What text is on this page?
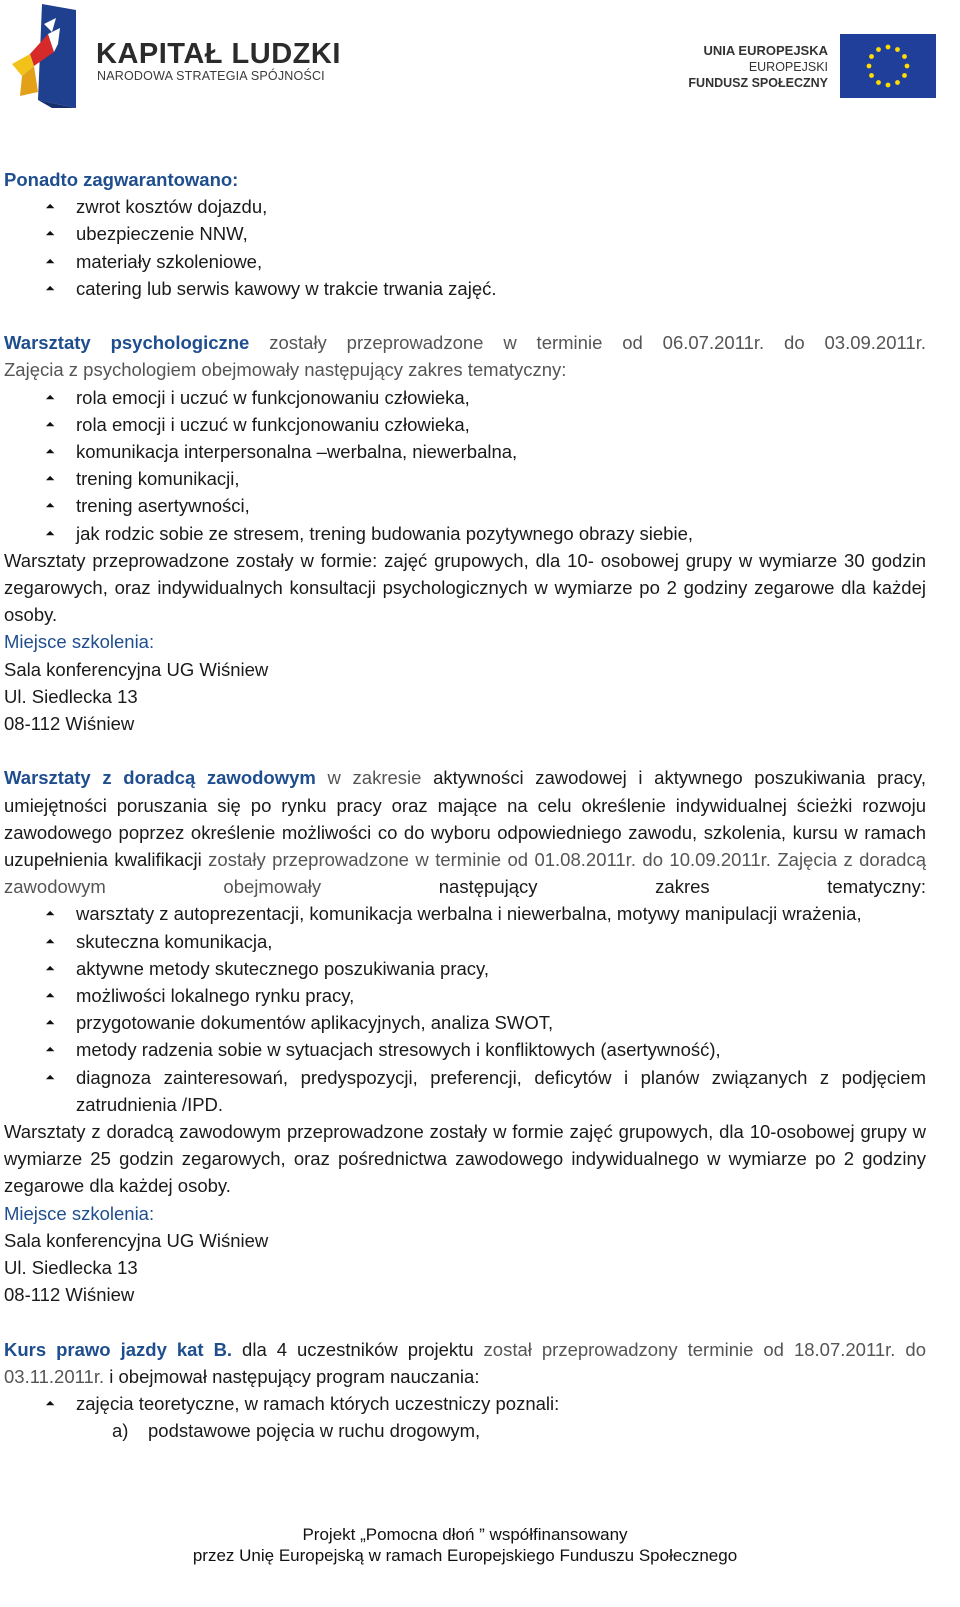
KAPITAŁ LUDZKI
NARODOWA STRATEGIA SPÓJNOŚCI
UNIA EUROPEJSKA
EUROPEJSKI
FUNDUSZ SPOŁECZNY
Ponadto zagwarantowano:
⏶ zwrot kosztów dojazdu,
⏶ ubezpieczenie NNW,
⏶ materiały szkoleniowe,
⏶ catering lub serwis kawowy w trakcie trwania zajęć.

Warsztaty psychologiczne zostały przeprowadzone w terminie od 06.07.2011r. do 03.09.2011r.

Zajęcia z psychologiem obejmowały następujący zakres tematyczny:
⏶ rola emocji i uczuć w funkcjonowaniu człowieka,
⏶ rola emocji i uczuć w funkcjonowaniu człowieka,
⏶ komunikacja interpersonalna –werbalna, niewerbalna,
⏶ trening komunikacji,
⏶ trening asertywności,
⏶ jak rodzic sobie ze stresem, trening budowania pozytywnego obrazy siebie,

Warsztaty przeprowadzone zostały w formie: zajęć grupowych, dla 10- osobowej grupy w wymiarze 30 godzin zegarowych, oraz indywidualnych konsultacji psychologicznych w wymiarze po 2 godziny zegarowe dla każdej osoby.

Miejsce szkolenia:
Sala konferencyjna UG Wiśniew
Ul. Siedlecka 13
08-112 Wiśniew

Warsztaty z doradcą zawodowym w zakresie aktywności zawodowej i aktywnego poszukiwania pracy, umiejętności poruszania się po rynku pracy oraz mające na celu określenie indywidualnej ścieżki rozwoju zawodowego poprzez określenie możliwości co do wyboru odpowiedniego zawodu, szkolenia, kursu w ramach uzupełnienia kwalifikacji zostały przeprowadzone w terminie od 01.08.2011r. do 10.09.2011r. Zajęcia z doradcą zawodowym obejmowały następujący zakres tematyczny:

⏶ warsztaty z autoprezentacji, komunikacja werbalna i niewerbalna, motywy manipulacji wrażenia,
⏶ skuteczna komunikacja,
⏶ aktywne metody skutecznego poszukiwania pracy,
⏶ możliwości lokalnego rynku pracy,
⏶ przygotowanie dokumentów aplikacyjnych, analiza SWOT,
⏶ metody radzenia sobie w sytuacjach stresowych i konfliktowych (asertywność),
⏶ diagnoza zainteresowań, predyspozycji, preferencji, deficytów i planów związanych z podjęciem zatrudnienia /IPD.

Warsztaty z doradcą zawodowym przeprowadzone zostały w formie zajęć grupowych, dla 10-osobowej grupy w wymiarze 25 godzin zegarowych, oraz pośrednictwa zawodowego indywidualnego w wymiarze po 2 godziny zegarowe dla każdej osoby.

Miejsce szkolenia:
Sala konferencyjna UG Wiśniew
Ul. Siedlecka 13
08-112 Wiśniew

Kurs prawo jazdy kat B. dla 4 uczestników projektu został przeprowadzony terminie od 18.07.2011r. do 03.11.2011r. i obejmował następujący program nauczania:

⏶ zajęcia teoretyczne, w ramach których uczestniczy poznali:
a) podstawowe pojęcia w ruchu drogowym,
Projekt „Pomocna dłoń ” współfinansowany
przez Unię Europejską w ramach Europejskiego Funduszu Społecznego
